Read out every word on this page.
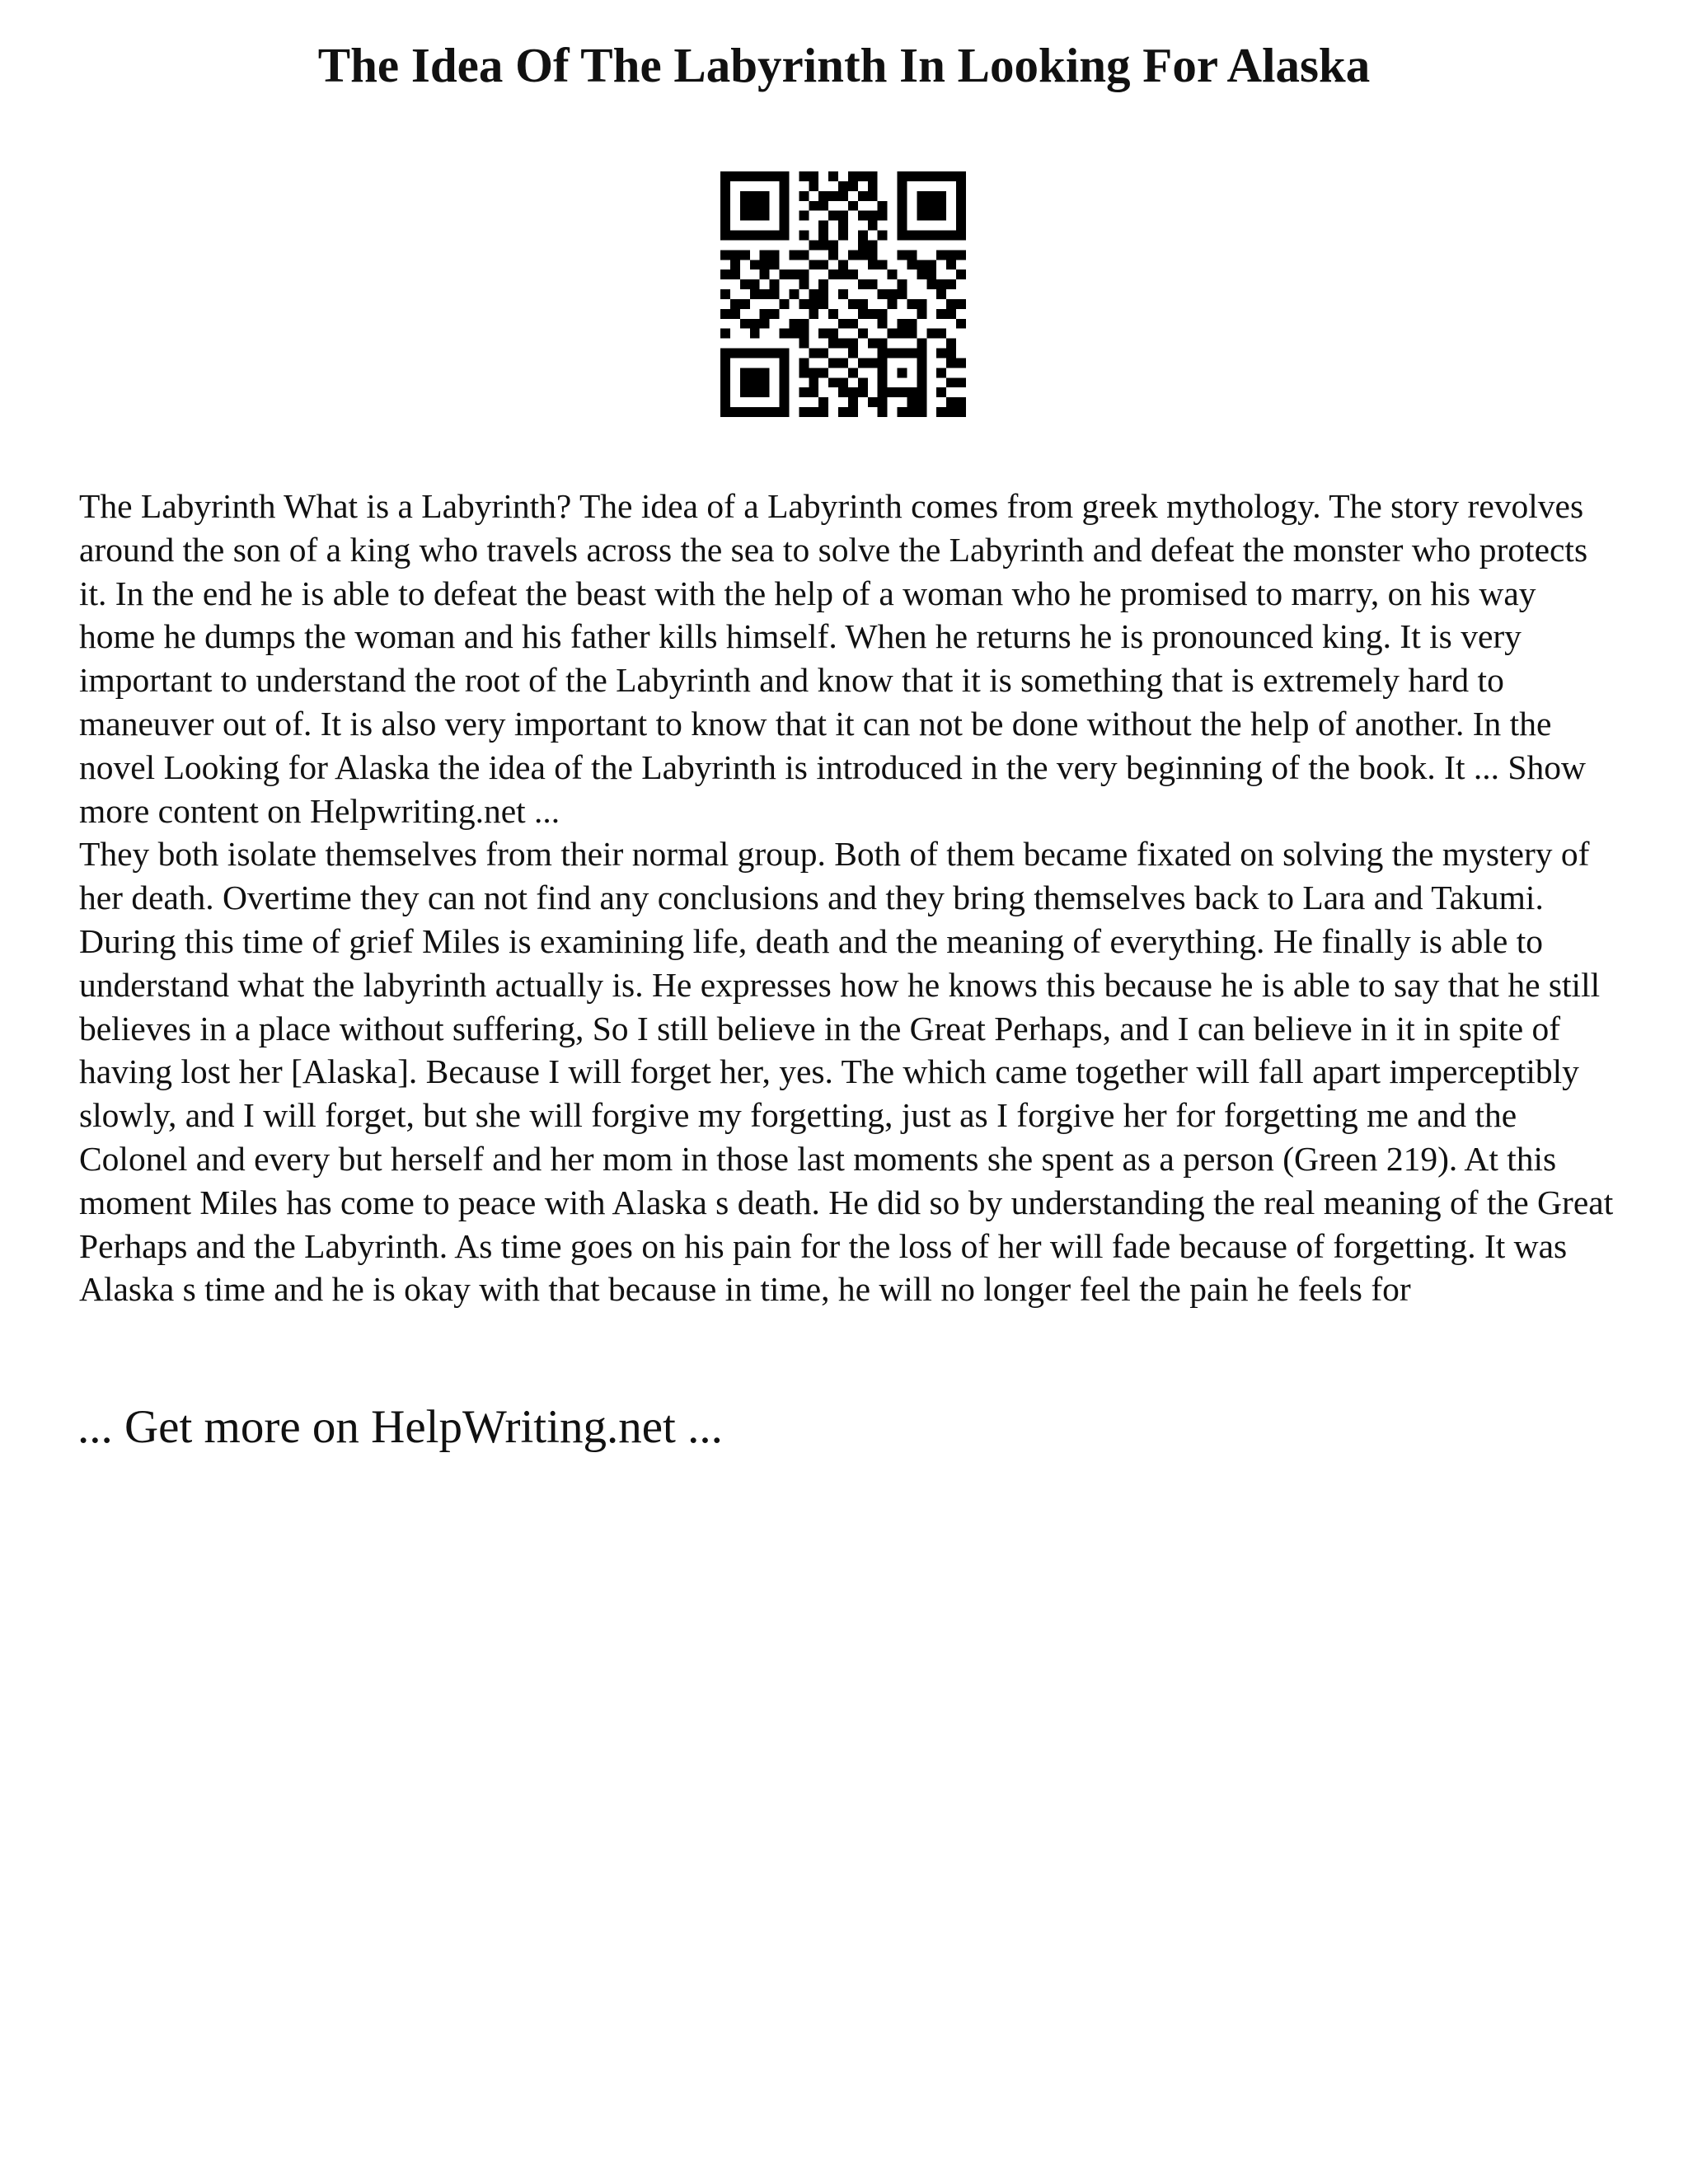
The Idea Of The Labyrinth In Looking For Alaska
The Labyrinth What is a Labyrinth? The idea of a Labyrinth comes from greek mythology. The story revolves around the son of a king who travels across the sea to solve the Labyrinth and defeat the monster who protects it. In the end he is able to defeat the beast with the help of a woman who he promised to marry, on his way home he dumps the woman and his father kills himself. When he returns he is pronounced king. It is very important to understand the root of the Labyrinth and know that it is something that is extremely hard to maneuver out of. It is also very important to know that it can not be done without the help of another. In the novel Looking for Alaska the idea of the Labyrinth is introduced in the very beginning of the book. It ... Show more content on Helpwriting.net ...
They both isolate themselves from their normal group. Both of them became fixated on solving the mystery of her death. Overtime they can not find any conclusions and they bring themselves back to Lara and Takumi. During this time of grief Miles is examining life, death and the meaning of everything. He finally is able to understand what the labyrinth actually is. He expresses how he knows this because he is able to say that he still believes in a place without suffering, So I still believe in the Great Perhaps, and I can believe in it in spite of having lost her [Alaska]. Because I will forget her, yes. The which came together will fall apart imperceptibly slowly, and I will forget, but she will forgive my forgetting, just as I forgive her for forgetting me and the Colonel and every but herself and her mom in those last moments she spent as a person (Green 219). At this moment Miles has come to peace with Alaska s death. He did so by understanding the real meaning of the Great Perhaps and the Labyrinth. As time goes on his pain for the loss of her will fade because of forgetting. It was Alaska s time and he is okay with that because in time, he will no longer feel the pain he feels for

... Get more on HelpWriting.net ...
